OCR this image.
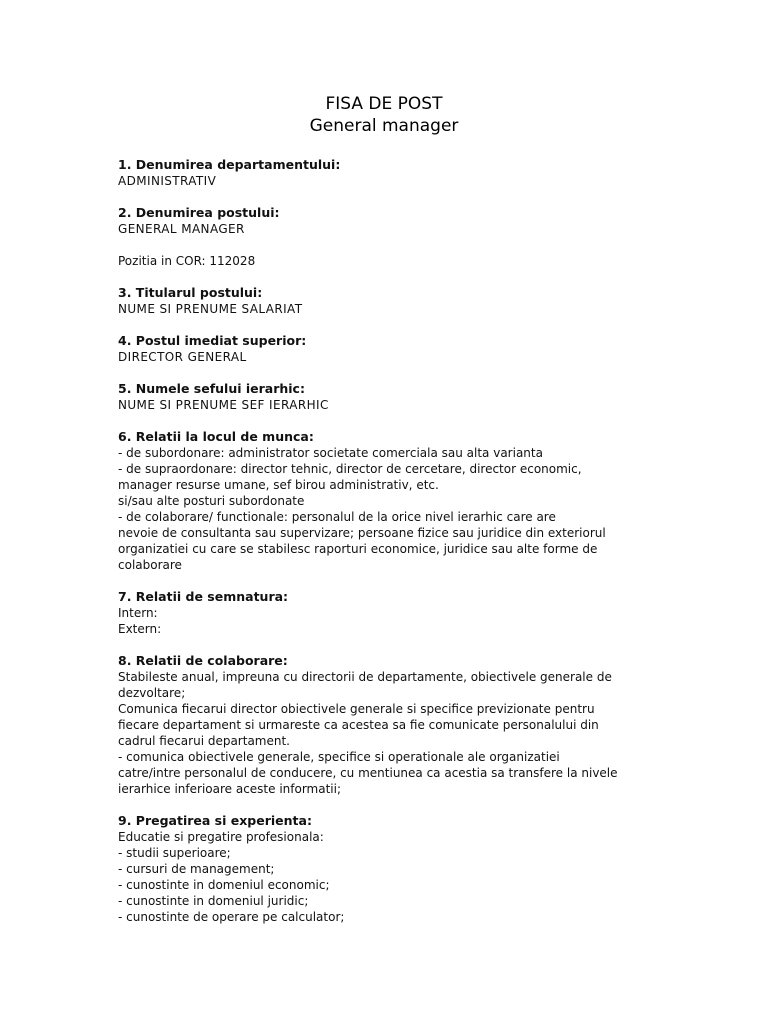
FISA DE POST
General manager
1. Denumirea departamentului:
ADMINISTRATIV
2. Denumirea postului:
GENERAL MANAGER
Pozitia in COR: 112028
3. Titularul postului:
NUME SI PRENUME SALARIAT
4. Postul imediat superior:
DIRECTOR GENERAL
5. Numele sefului ierarhic:
NUME SI PRENUME SEF IERARHIC
6. Relatii la locul de munca:
- de subordonare: administrator societate comerciala sau alta varianta
- de supraordonare: director tehnic, director de cercetare, director economic,
manager resurse umane, sef birou administrativ, etc.
si/sau alte posturi subordonate
- de colaborare/ functionale: personalul de la orice nivel ierarhic care are
nevoie de consultanta sau supervizare; persoane fizice sau juridice din exteriorul
organizatiei cu care se stabilesc raporturi economice, juridice sau alte forme de
colaborare
7. Relatii de semnatura:
Intern:
Extern:
8. Relatii de colaborare:
Stabileste anual, impreuna cu directorii de departamente, obiectivele generale de
dezvoltare;
Comunica fiecarui director obiectivele generale si specifice previzionate pentru
fiecare departament si urmareste ca acestea sa fie comunicate personalului din
cadrul fiecarui departament.
- comunica obiectivele generale, specifice si operationale ale organizatiei
catre/intre personalul de conducere, cu mentiunea ca acestia sa transfere la nivele
ierarhice inferioare aceste informatii;
9. Pregatirea si experienta:
Educatie si pregatire profesionala:
- studii superioare;
- cursuri de management;
- cunostinte in domeniul economic;
- cunostinte in domeniul juridic;
- cunostinte de operare pe calculator;
